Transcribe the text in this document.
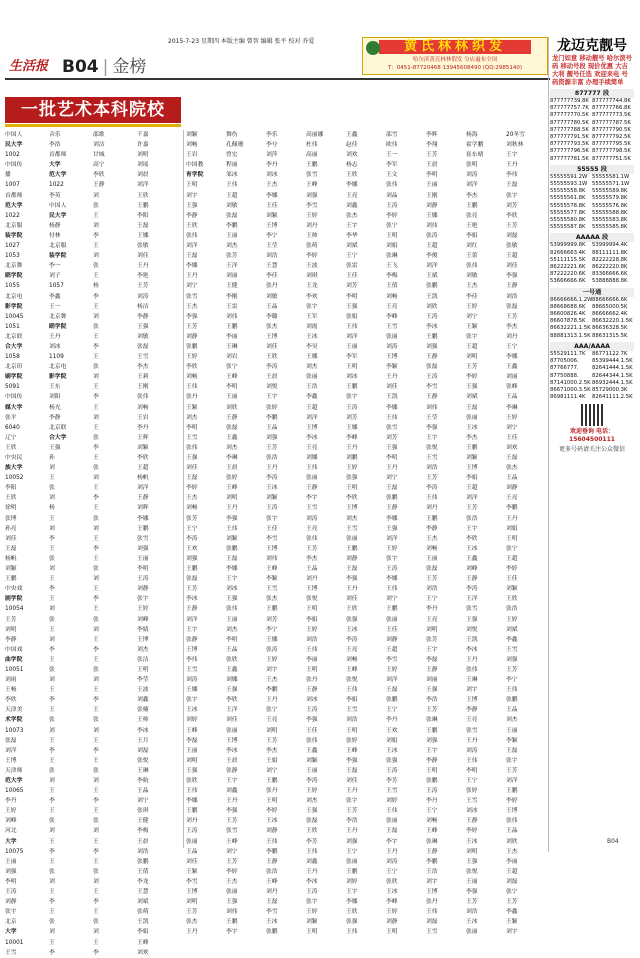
2015-7-23 星期四 本版主编 曾智 编辑 张平 校对 乔爱
生活报 B04 | 金榜
黄氏林林织发
哈尔滨黄氏林林假发 分店遍布全国
T：0451-87720468 13945608490 (QQ:2985140)
一批艺术本科院校
中国人	音乐	邵歌	千嘉
民大学	李浩	刘洁	许嘉
1002	首都师	甘城	刘明
中国传	大学	高宁	刘瑶
播	范大学	李欣	刘晨
1007	1022	王静	刘洋
首都师	李英	刘	王欣
范大学	中国人	张	王鹏
1022	民大学	王	李阳
北京服	杨静	刘	王磊
装学院	付林	李	王娜
1027	北京服	王	张敏
1053	装学院	刘	刘佳
北京舞	李一	张	王丹
蹈学院	刘子	王	李艳
1055	1057	杨	王芳
北京电	李鑫	李	刘涛
影学院	王一	王	杨洁
10045	北京舞	刘	李静
1051	蹈学院	张	王强
北京联	王丹	王	刘敏
合大学	刘冰	李	张磊
1058	1109	王	王雪
北京印	北京电	张	李杰
刷学院	影学院	刘	王莉
5091	王东	王	王刚
中国传	刘阳	李	张伟
媒大学	杨光	王	刘畅
张平	李静	刘	王岩
6040	北京联	王	李丹
辽宁	合大学	张	王辉
王欣	王强	李	刘颖
中央民	孙	王	李欣
族大学	刘	张	王超
10052	王	刘	杨帆
李阳	张	王	刘洋
王欣	刘	李	王静
徐明	杨	王	刘辉
张博	王	张	李娜
孙亮	刘	刘	王鹏
刘佳	李	王	张雪
王磊	王	李	刘强
杨帆	张	王	王丽
刘颖	刘	张	李明
王鹏	王	刘	王涛
中央戏	李	王	刘静
剧学院	王	李	张宇
10054	刘	王	王婷
王芳	张	张	刘峰
刘明	王	刘	李婧
李静	刘	王	王博
中国戏	李	李	刘杰
曲学院	王	王	张洁
10051	张	张	王明
刘雨	刘	刘	李莹
王畅	王	王	王波
李欣	李	李	刘鑫
天津美	王	王	张楠
术学院	张	张	王帅
10073	刘	刘	李冰
张磊	王	王	王月
刘洋	李	李	刘磊
王博	王	王	张悦
天津师	张	张	王琳
范大学	刘	刘	李航
10065	王	王	王晶
李丹	李	李	刘宁
王婷	王	王	张琪
刘峰	张	张	王健
河北	刘	刘	李梅
大学	王	王	王晨
10075	李	李	刘浩
王丽	王	王	张鹏
刘强	张	张	王倩
李明	刘	刘	李龙
王涛	王	王	王慧
刘静	李	李	刘斌
张宇	王	王	张萌
北京	张	张	王凯
大学	刘	刘	李娟
10001	王	王	王峰
王雪	李	李	刘欢
刘颖	舞伤	李乐	高丽娜	王鑫	邵雪	李辉	杨海	20冬雪
刘畅	孔佩珊	李兮	杜伟	赵佳	欧伟	李翔	霍学鹏	刘秋林
王岩	曾宏	刘萍	高丽	刘欢	王一	王芳	崔东晴	王宇
中国教	程丽	李丹	王鹏	杨志	李军	王晨	张明	王丹
育学院	邹冰	刘冰	张雪	王欣	王文	李明	刘涛	李伟
王明	王伟	王杰	王峰	李娜	张伟	王丽	刘洋	王磊
刘宇	王超	李娜	刘强	王亮	刘晶	王刚	李杰	张宇
王强	刘敏	王佳	李雪	刘鑫	王涛	刘静	王鹏	刘芳
李静	张磊	刘颖	王婷	张杰	李婷	王娜	张亮	李欣
王欣	李鹏	王博	刘丹	王宇	张宁	刘伟	王艳	王芳
张伟	王丽	李宁	王帅	李华	王明	张涛	李娟	刘磊
刘洋	刘杰	王莹	张萌	刘斌	刘娟	王超	刘红	张敏
王磊	张芳	刘浩	李婷	王宁	张琳	李俊	王蕾	王超
李娜	王洋	王慧	王波	张雷	王飞	刘洋	张伟	刘佳
王丹	刘丽	李佳	刘琪	王佳	李梅	王斌	刘敏	李强
刘宁	王健	张丹	王龙	刘芳	王倩	张鹏	王杰	王静
张雪	李刚	刘敏	李欢	李明	刘畅	王凯	李佳	刘浩
王杰	王雷	王晶	张宇	王强	王亮	刘欣	王婷	张磊
李强	刘伟	李璐	王军	张娟	李峰	王涛	刘宁	王芳
王芳	王鹏	张杰	刘霞	王伟	王雪	李冰	王颖	李杰
刘静	李丽	王博	王冰	刘洋	张丽	王鹏	张宇	刘丹
张鹏	王琳	刘佳	李昊	王丽	刘涛	刘强	王超	王宁
王婷	刘岩	王欣	王娜	李军	王博	王静	刘明	李娜
李欣	张宁	李涛	刘杰	王明	李颖	张磊	王芳	王鑫
刘畅	王峰	王晨	张丽	刘冰	王丹	王涛	李婷	刘丽
王伟	李明	刘悦	王浩	王鹏	刘佳	李雪	王强	张峰
张丹	王丽	王宇	李鑫	张宇	王凯	王静	刘斌	王晶
王颖	刘欣	张婷	王超	王涛	李娜	刘伟	王磊	李琳
刘杰	王静	李鹏	刘洋	刘芳	王伟	王莹	张丽	王婷
李明	张磊	王晶	王博	王娜	张雪	李强	王冰	刘宁
王雪	王鑫	刘强	李冰	李峰	刘芳	王宇	李杰	王佳
张伟	刘杰	王芳	王亮	王丹	王强	张悦	王鹏	刘欢
王强	李琳	张浩	刘娜	刘鹏	李明	王雪	刘颖	王磊
刘佳	王晨	王丹	王伟	王婷	王丹	刘浩	王博	张杰
王磊	张婷	李涛	张丽	张强	刘宁	王芳	李娟	王晶
李婷	王峰	王冰	王静	王明	王磊	李涛	王超	刘静
王杰	刘明	刘颖	李宇	李欣	张鹏	王伟	刘洋	王亮
刘畅	王丹	王涛	王雪	王博	王静	刘丹	王芳	李鹏
张芳	李强	张宇	刘涛	刘杰	李娜	王鹏	张浩	王丹
王宁	王伟	王佳	王亮	王雪	王强	李静	王宇	刘娟
李涛	刘颖	李雪	张伟	张丽	刘洋	王杰	李欣	王明
王欢	张鹏	王博	王芳	王鹏	王婷	刘畅	王冰	张宁
刘强	王磊	刘伟	李杰	刘静	张宇	王丽	王鑫	王超
王鹏	李娜	王峰	王晶	王磊	王涛	张磊	刘峰	李婷
张磊	王宇	李颖	刘丹	李强	李娜	王芳	王静	王佳
王芳	刘冰	王雪	王博	王丹	王伟	刘浩	李涛	刘颖
李冰	王强	张杰	张悦	刘佳	刘宁	王宁	王洋	王欣
王静	张伟	王鹏	王明	王欣	王鹏	李丹	张雪	张浩
刘洋	王丽	刘芳	李娟	张强	张丽	王亮	王强	王婷
王宇	刘杰	李宁	王婷	王冰	王佳	刘明	刘悦	刘斌
张静	李明	王娜	刘浩	李涛	刘静	张芳	王凯	李鑫
王博	王晶	张涛	王伟	王亮	王超	王宇	李冰	王雪
李伟	张欣	王婷	李丽	刘畅	李雪	李磊	王丹	刘强
王雪	王鑫	刘宇	王明	王峰	王婷	王静	张伟	王芳
刘涛	刘娜	王杰	张丹	张悦	刘洋	刘丽	王琳	李宁
王娜	王强	李鹏	王静	王伟	王磊	王强	刘宇	王伟
张宇	李欣	王丹	刘冰	李娟	张鹏	李浩	王博	张鹏
王冰	王洋	张宁	王涛	王雪	王宁	王芳	李静	王晶
刘婷	刘佳	王亮	李强	刘浩	李丹	张琳	王亮	刘杰
王峰	张丽	刘明	王佳	王明	王欢	王鹏	张雪	王丽
李磊	王博	王芳	张伟	张婷	刘娟	刘强	王丹	李颖
王丽	李冰	李杰	王鑫	王峰	王冰	王宇	刘涛	王磊
刘明	王晨	王娟	刘颖	李强	张强	李静	王伟	张宇
王强	张静	刘宁	王丽	王磊	王涛	王明	李明	王芳
张欣	王宇	王鹏	李涛	刘佳	李芳	张鹏	王宁	刘洋
王伟	刘鑫	张丹	王婷	王丹	王雪	王涛	张婷	王鹏
李娜	王丹	王明	刘杰	张宇	刘婷	李丹	王雪	李婷
王鹏	李强	李婷	王强	王芳	王伟	王宁	刘冰	王博
刘丹	王芳	王冰	张磊	李浩	张丽	刘畅	王静	张伟
王涛	张雪	刘静	王欣	王丹	王磊	王峰	李婷	王晶
张丽	王峰	王伟	李芳	刘强	李宇	张琳	王冰	刘欣
王晶	刘宁	李鹏	王伟	王宁	王丹	王静	刘明	王杰
刘佳	王芳	王静	刘鑫	张丽	刘涛	李鹏	王强	李丽
王颖	李婷	张浩	王丹	王鹏	王宁	王浩	张悦	王超
李雪	王杰	王峰	李冰	刘婷	张欣	刘宇	王丽	刘磊
王博	张丽	刘丹	王涛	王宇	王冰	王博	李强	张宁
刘明	王强	王磊	张宇	李娜	李峰	张丹	王芳	王芳
王芳	刘伟	李雪	王婷	王欣	王婷	王伟	刘浩	李鑫
张杰	王鹏	王冰	刘颖	张强	刘静	刘磊	王冰	王颖
王丹	李宇	张鹏	王明	王伟	王明	王雪	张丽	刘宇
龙迈克靓号
龙门如意 移动靓号 哈尔滨号码 移动号段 现价优惠 大吉大利 靓号任选 欢迎来电 号码资源丰富 办理手续简单
877777 段
877777739.8K 877777744.8K
877777757.7K 877777766.8K
877777770.5K 877777773.5K
877777780.5K 877777787.5K
877777788.5K 877777790.5K
877777791.5K 877777792.5K
877777793.5K 877777795.5K
877777796.5K 877777798.5K
877777781.5K 877777751.5K
55555 段
55555591.2W 55555581.1W
55555593.1W 55555571.1W
55555558.8K	55555589.8K
55555561.8K	55555579.8K
55555578.8K	55555576.8K
55555577.8K	55555588.8K
55555580.8K	55555583.8K
55555587.8K	55555585.8K
AAAAA 段
53999999.8K	53999994.4K
82666663.4K	88111111.8K
55111115.5K	82222228.8K
86222221.6K	86222220.8K
87222220.6K	83366666.6K
53666666.6K	53888888.8K
一号通
86666666.1.2W 88666666.6K
88668688.6K	88665000.5K
86600826.4K	86666662.4K
86607878.5K	86632220.1.5K
86632221.1.5K 86636328.5K
88881313.1.5K 88631315.5K
AAA/AAAA
55529111.7K	86771122.7K
87705006.	85399444.1.5K
87766777.	82641444.1.5K
87750888.	82644344.1.5K
87141000.2.5K 86932444.1.5K
86671000.3.5K 85729000.3K
86981111.4K	82641111.2.5K
欢迎垂询 电话：15604500111
更多号码请关注公众微信
B04
